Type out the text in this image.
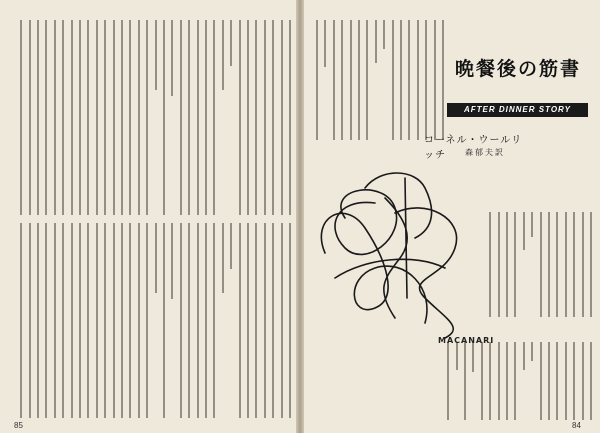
85	84
晩餐後の筋書
AFTER DINNER STORY
コーネル・ウールリッチ	森郁夫訳
MACANARI
